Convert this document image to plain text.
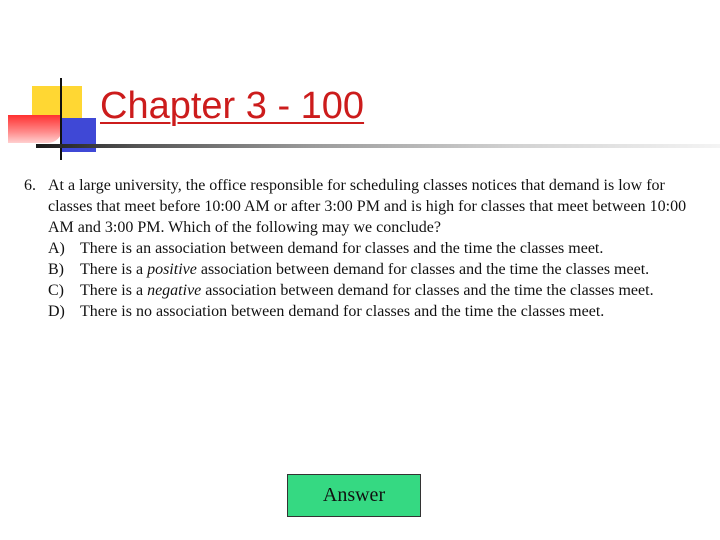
Chapter 3 - 100

6. At a large university, the office responsible for scheduling classes notices that demand is low for classes that meet before 10:00 AM or after 3:00 PM and is high for classes that meet between 10:00 AM and 3:00 PM. Which of the following may we conclude?

A) There is an association between demand for classes and the time the classes meet.
B)	There is a positive association between demand for classes and the time the classes meet.
C)	There is a negative association between demand for classes and the time the classes meet.
D) There is no association between demand for classes and the time the classes meet.
Answer
